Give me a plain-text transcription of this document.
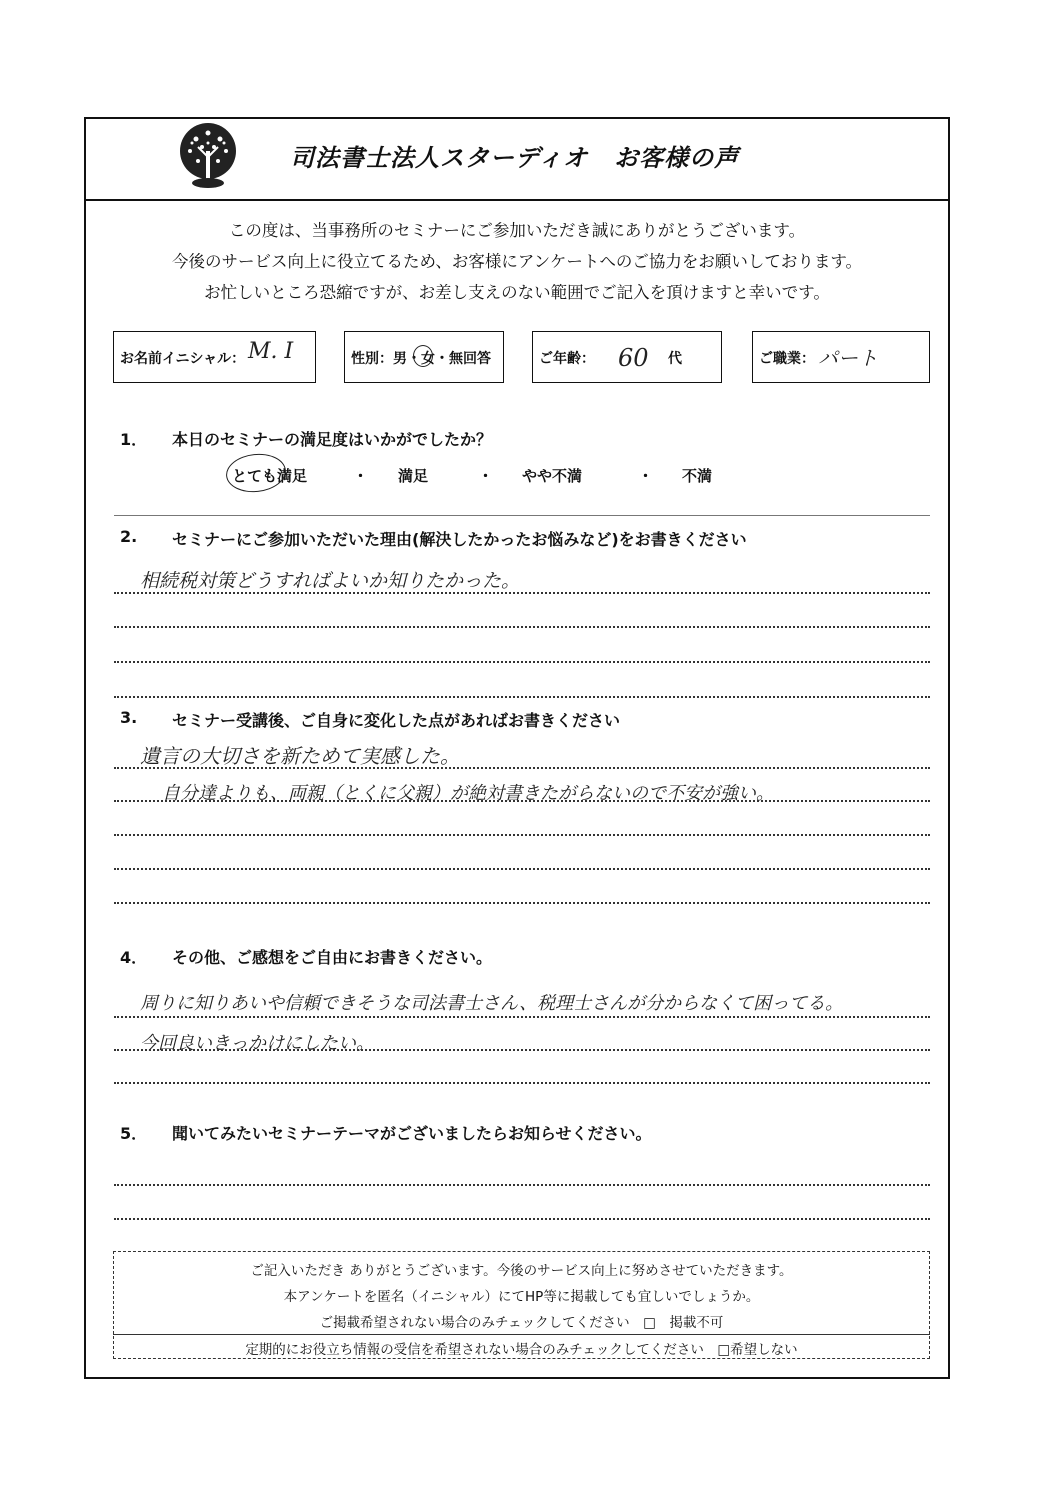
司法書士法人スターディオ お客様の声
この度は、当事務所のセミナーにご参加いただき誠にありがとうございます。
今後のサービス向上に役立てるため、お客様にアンケートへのご協力をお願いしております。
お忙しいところ恐縮ですが、お差し支えのない範囲でご記入を頂けますと幸いです。
お名前イニシャル： M. I	性別：男・女・無回答	ご年齢： 60 代	ご職業： パート
1． 本日のセミナーの満足度はいかがでしたか？
とても満足	・ 満足	・ やや不満	・ 不満
2. セミナーにご参加いただいた理由(解決したかったお悩みなど)をお書きください
相続税対策どうすればよいか知りたかった。
3. セミナー受講後、ご自身に変化した点があればお書きください
遺言の大切さを新ためて実感した。
自分達よりも、両親（とくに父親）が絶対書きたがらないので不安が強い。
4． その他、ご感想をご自由にお書きください。
周りに知りあいや信頼できそうな司法書士さん、税理士さんが分からなくて困ってる。
今回良いきっかけにしたい。
5． 聞いてみたいセミナーテーマがございましたらお知らせください。
ご記入いただき ありがとうございます。今後のサービス向上に努めさせていただきます。
本アンケートを匿名（イニシャル）にてHP等に掲載しても宜しいでしょうか。
ご掲載希望されない場合のみチェックしてください　□　掲載不可
定期的にお役立ち情報の受信を希望されない場合のみチェックしてください　□希望しない
